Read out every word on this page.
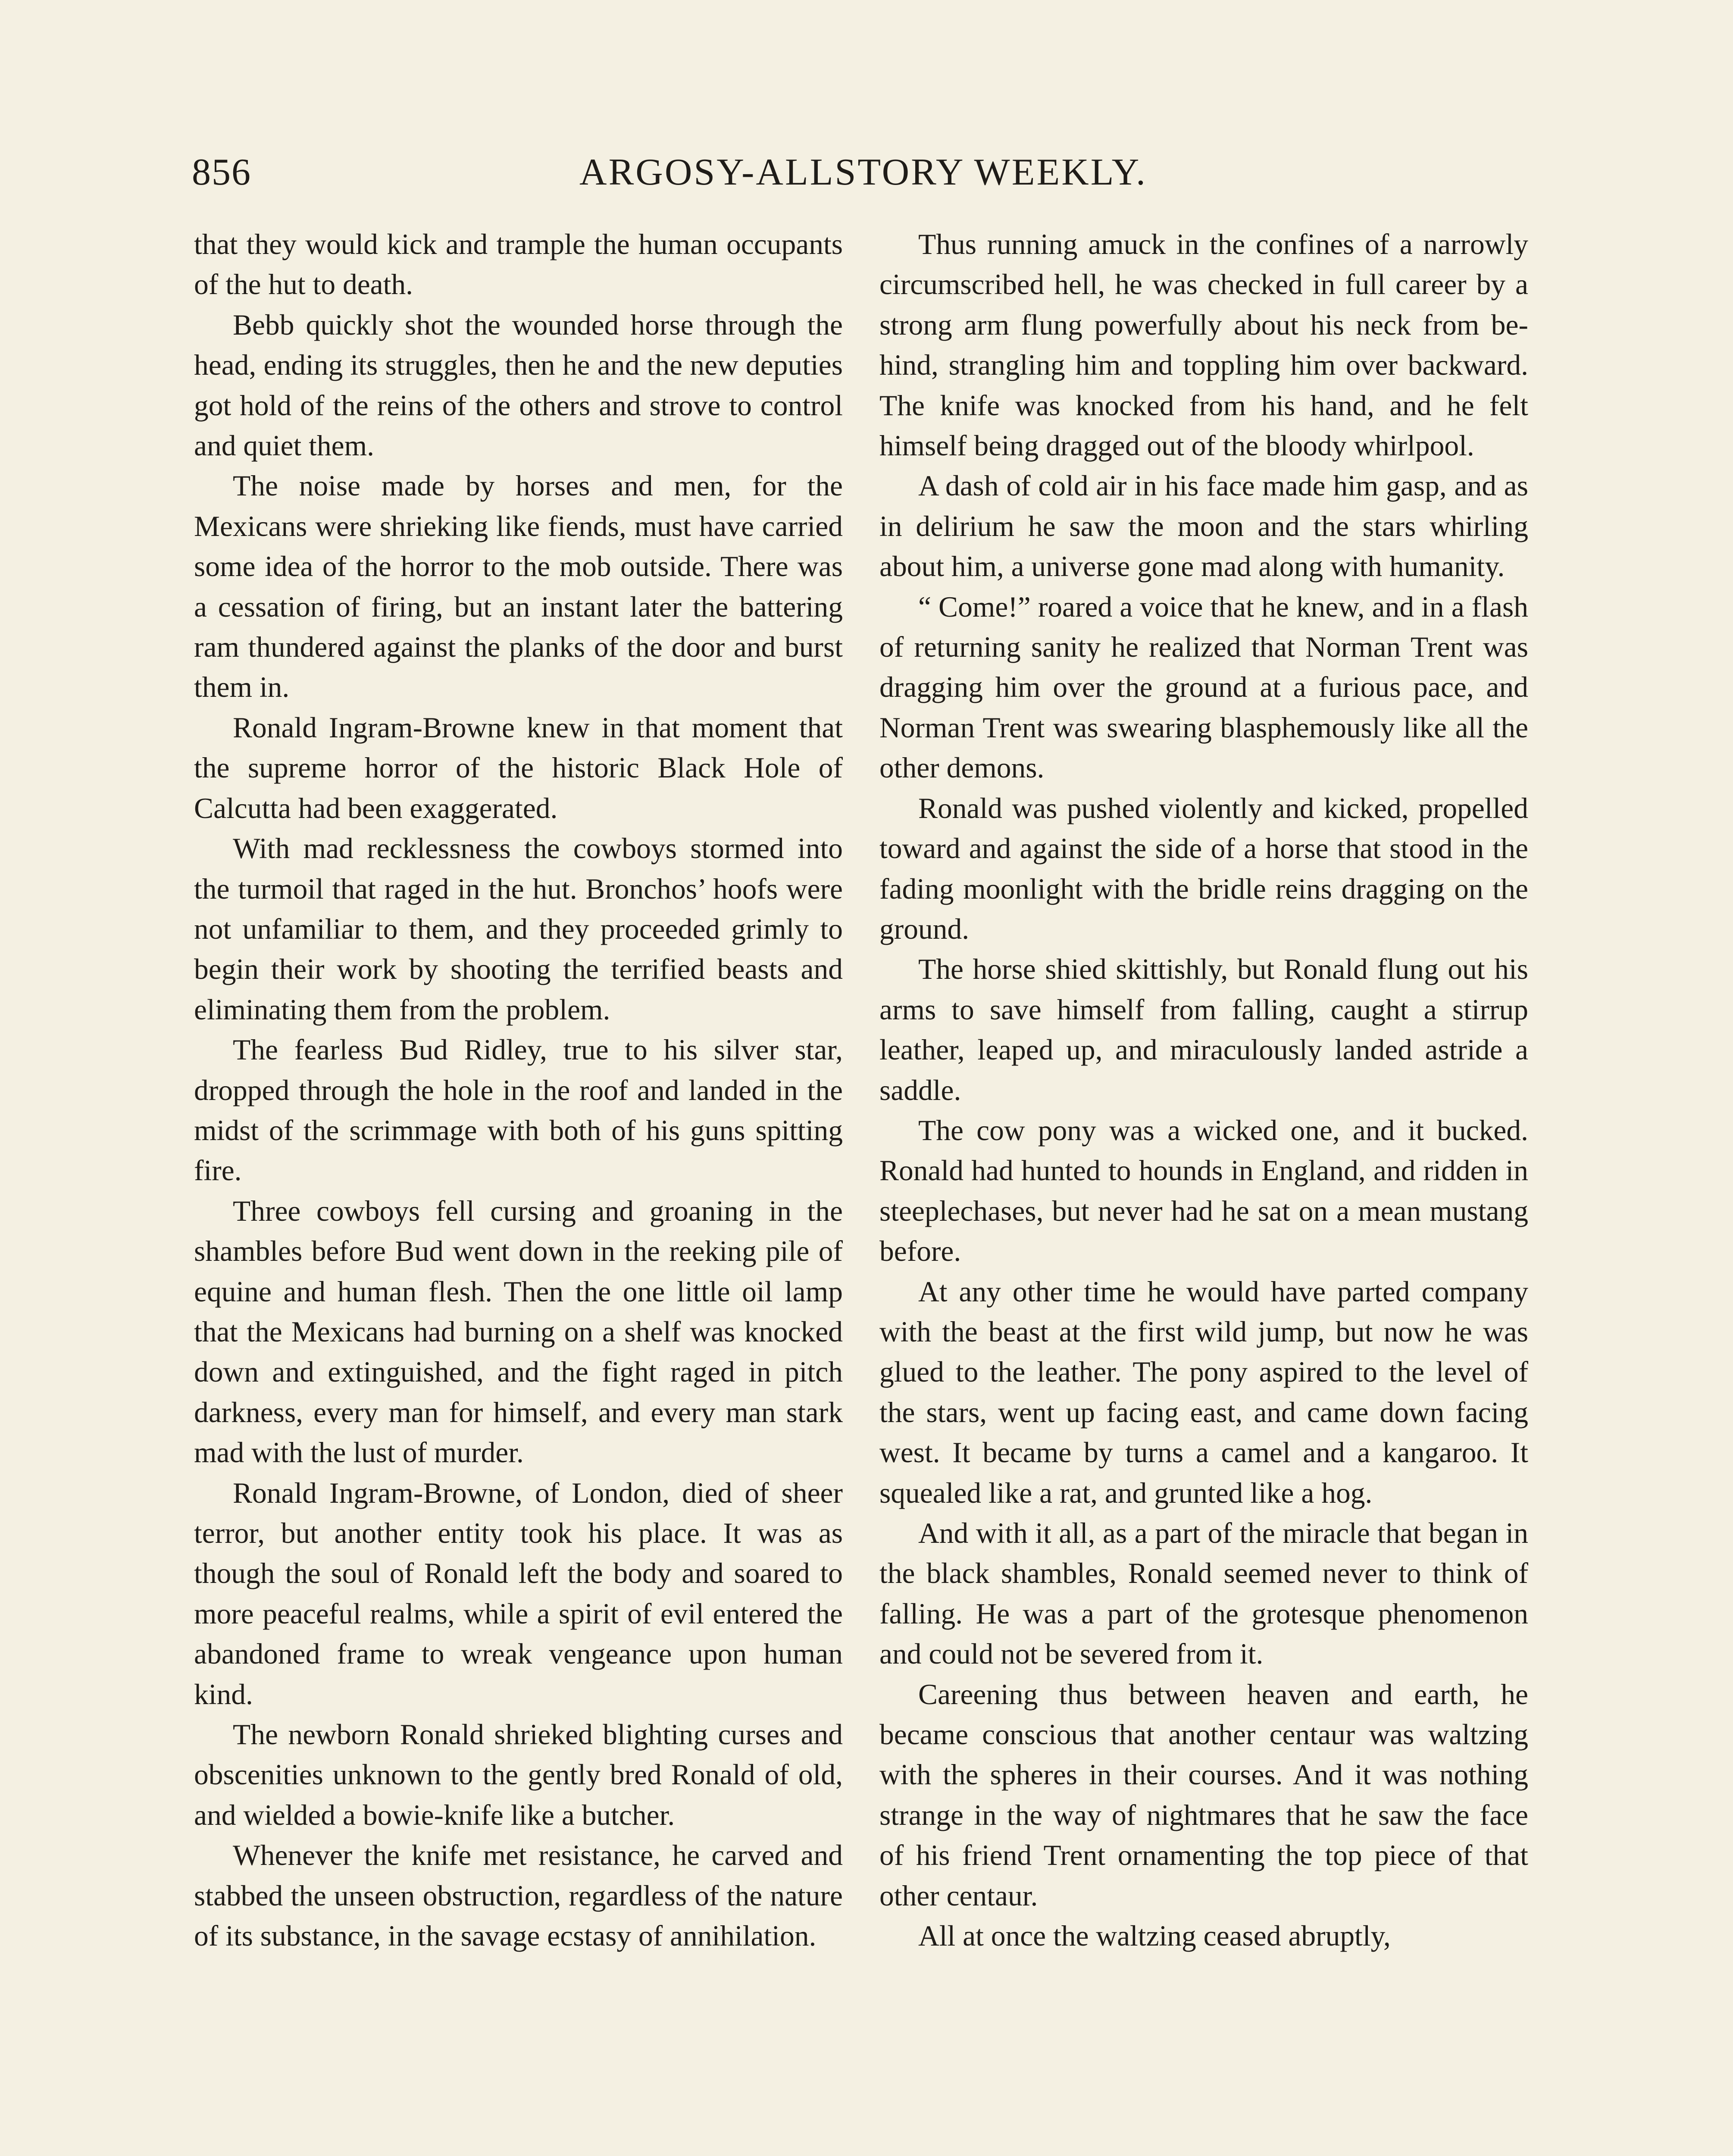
856	ARGOSY-ALLSTORY WEEKLY.

that they would kick and trample the human occupants of the hut to death.

Bebb quickly shot the wounded horse through the head, ending its struggles, then he and the new deputies got hold of the reins of the others and strove to control and quiet them.

The noise made by horses and men, for the Mexicans were shrieking like fiends, must have carried some idea of the horror to the mob outside. There was a cessation of firing, but an instant later the battering ram thundered against the planks of the door and burst them in.

Ronald Ingram-Browne knew in that moment that the supreme horror of the historic Black Hole of Calcutta had been exaggerated.

With mad recklessness the cowboys stormed into the turmoil that raged in the hut. Bronchos’ hoofs were not unfamiliar to them, and they proceeded grimly to begin their work by shooting the terrified beasts and eliminating them from the problem.

The fearless Bud Ridley, true to his silver star, dropped through the hole in the roof and landed in the midst of the scrimmage with both of his guns spitting fire.

Three cowboys fell cursing and groaning in the shambles before Bud went down in the reeking pile of equine and human flesh. Then the one little oil lamp that the Mexicans had burning on a shelf was knocked down and extinguished, and the fight raged in pitch darkness, every man for himself, and every man stark mad with the lust of murder.

Ronald Ingram-Browne, of London, died of sheer terror, but another entity took his place. It was as though the soul of Ronald left the body and soared to more peaceful realms, while a spirit of evil entered the abandoned frame to wreak vengeance upon human kind.

The newborn Ronald shrieked blighting curses and obscenities unknown to the gently bred Ronald of old, and wielded a bowie-knife like a butcher.

Whenever the knife met resistance, he carved and stabbed the unseen obstruction, regardless of the nature of its substance, in the savage ecstasy of annihilation.

Thus running amuck in the confines of a narrowly circumscribed hell, he was checked in full career by a strong arm flung powerfully about his neck from behind, strangling him and toppling him over backward. The knife was knocked from his hand, and he felt himself being dragged out of the bloody whirlpool.

A dash of cold air in his face made him gasp, and as in delirium he saw the moon and the stars whirling about him, a universe gone mad along with humanity.

“ Come!” roared a voice that he knew, and in a flash of returning sanity he realized that Norman Trent was dragging him over the ground at a furious pace, and Norman Trent was swearing blasphemously like all the other demons.

Ronald was pushed violently and kicked, propelled toward and against the side of a horse that stood in the fading moonlight with the bridle reins dragging on the ground.

The horse shied skittishly, but Ronald flung out his arms to save himself from falling, caught a stirrup leather, leaped up, and miraculously landed astride a saddle.

The cow pony was a wicked one, and it bucked. Ronald had hunted to hounds in England, and ridden in steeplechases, but never had he sat on a mean mustang before.

At any other time he would have parted company with the beast at the first wild jump, but now he was glued to the leather. The pony aspired to the level of the stars, went up facing east, and came down facing west. It became by turns a camel and a kangaroo. It squealed like a rat, and grunted like a hog.

And with it all, as a part of the miracle that began in the black shambles, Ronald seemed never to think of falling. He was a part of the grotesque phenomenon and could not be severed from it.

Careening thus between heaven and earth, he became conscious that another centaur was waltzing with the spheres in their courses. And it was nothing strange in the way of nightmares that he saw the face of his friend Trent ornamenting the top piece of that other centaur.

All at once the waltzing ceased abruptly,
